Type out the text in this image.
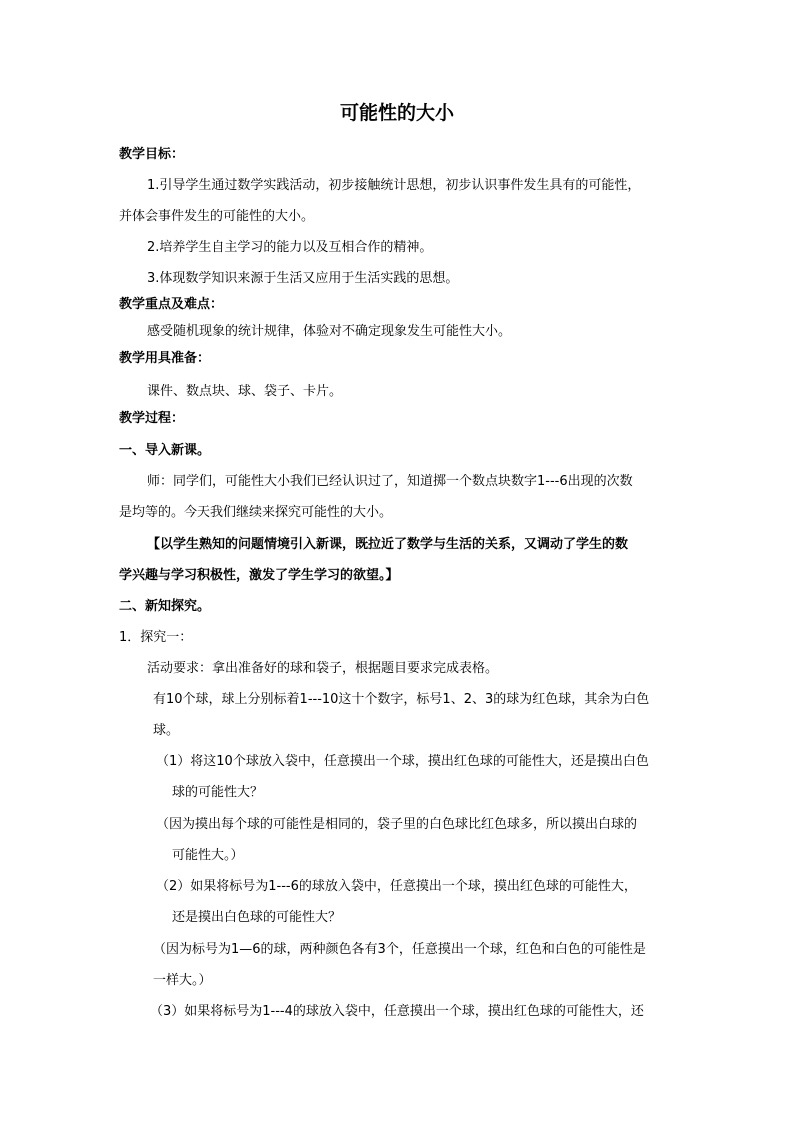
可能性的大小
教学目标：
1.引导学生通过数学实践活动，初步接触统计思想，初步认识事件发生具有的可能性，
并体会事件发生的可能性的大小。
2.培养学生自主学习的能力以及互相合作的精神。
3.体现数学知识来源于生活又应用于生活实践的思想。
教学重点及难点：
感受随机现象的统计规律，体验对不确定现象发生可能性大小。
教学用具准备：
课件、数点块、球、袋子、卡片。
教学过程：
一、导入新课。
师：同学们，可能性大小我们已经认识过了，知道掷一个数点块数字1---6出现的次数
是均等的。今天我们继续来探究可能性的大小。
【以学生熟知的问题情境引入新课，既拉近了数学与生活的关系，又调动了学生的数
学兴趣与学习积极性，激发了学生学习的欲望。】
二、新知探究。
1．探究一：
活动要求：拿出准备好的球和袋子，根据题目要求完成表格。
有10个球，球上分别标着1---10这十个数字，标号1、2、3的球为红色球，其余为白色
球。
（1）将这10个球放入袋中，任意摸出一个球，摸出红色球的可能性大，还是摸出白色
球的可能性大？
（因为摸出每个球的可能性是相同的，袋子里的白色球比红色球多，所以摸出白球的
可能性大。）
（2）如果将标号为1---6的球放入袋中，任意摸出一个球，摸出红色球的可能性大，
还是摸出白色球的可能性大？
（因为标号为1—6的球，两种颜色各有3个，任意摸出一个球，红色和白色的可能性是
一样大。）
（3）如果将标号为1---4的球放入袋中，任意摸出一个球，摸出红色球的可能性大，还
